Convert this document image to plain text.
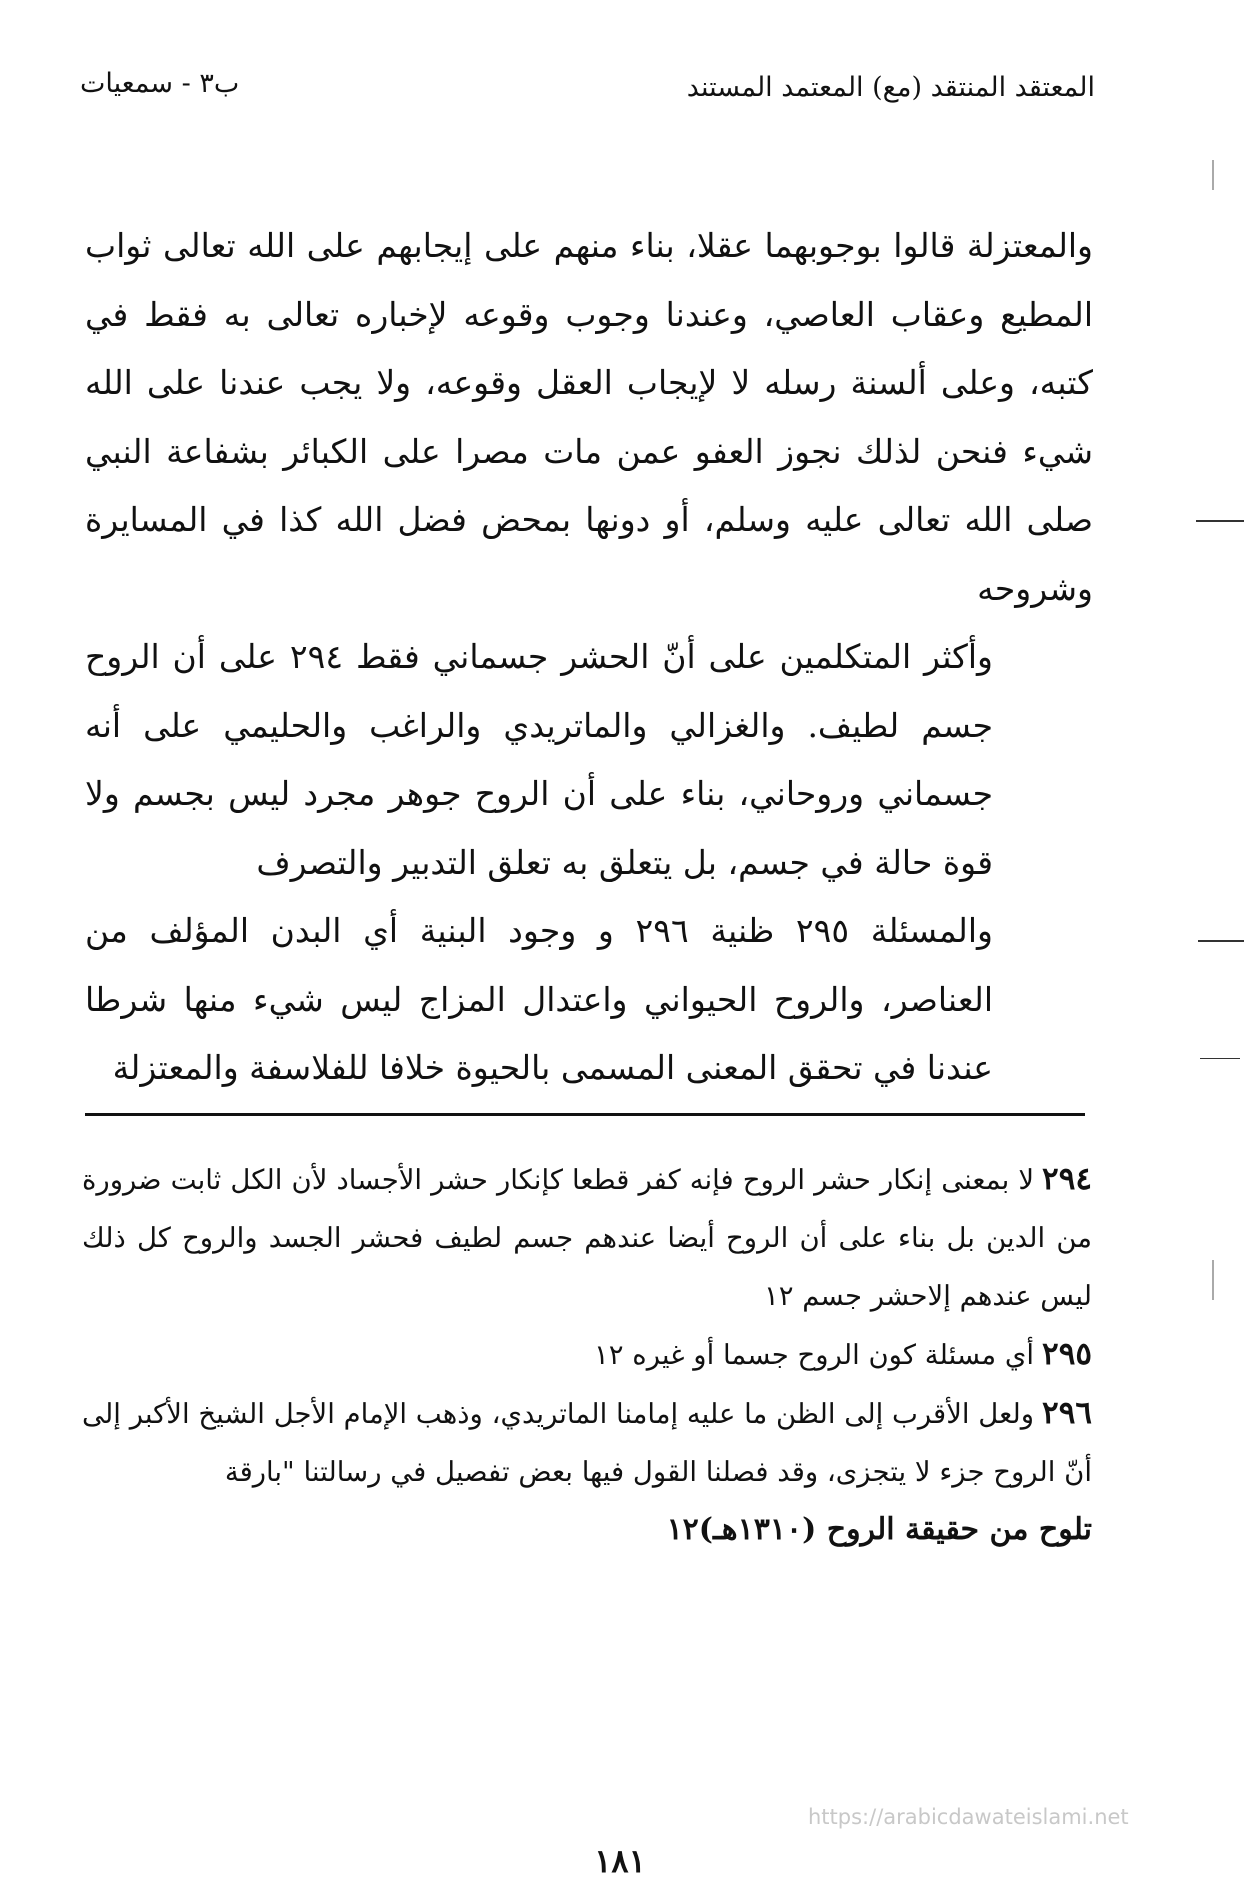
المعتقد المنتقد (مع) المعتمد المستند
ب٣ - سمعيات

والمعتزلة قالوا بوجوبهما عقلا، بناء منهم على إيجابهم على الله تعالى ثواب المطيع وعقاب العاصي، وعندنا وجوب وقوعه لإخباره تعالى به فقط في كتبه، وعلى ألسنة رسله لا لإيجاب العقل وقوعه، ولا يجب عندنا على الله شيء فنحن لذلك نجوز العفو عمن مات مصرا على الكبائر بشفاعة النبي صلى الله تعالى عليه وسلم، أو دونها بمحض فضل الله كذا في المسايرة وشروحه

وأكثر المتكلمين على أنّ الحشر جسماني فقط ٢٩٤ على أن الروح جسم لطيف. والغزالي والماتريدي والراغب والحليمي على أنه جسماني وروحاني، بناء على أن الروح جوهر مجرد ليس بجسم ولا قوة حالة في جسم، بل يتعلق به تعلق التدبير والتصرف

والمسئلة ٢٩٥ ظنية ٢٩٦ و وجود البنية أي البدن المؤلف من العناصر، والروح الحيواني واعتدال المزاج ليس شيء منها شرطا عندنا في تحقق المعنى المسمى بالحيوة خلافا للفلاسفة والمعتزلة

٢٩٤لا بمعنى إنكار حشر الروح فإنه كفر قطعا كإنكار حشر الأجساد لأن الكل ثابت ضرورة من الدين بل بناء على أن الروح أيضا عندهم جسم لطيف فحشر الجسد والروح كل ذلك ليس عندهم إلاحشر جسم ١٢

٢٩٥أي مسئلة كون الروح جسما أو غيره ١٢

٢٩٦ولعل الأقرب إلى الظن ما عليه إمامنا الماتريدي، وذهب الإمام الأجل الشيخ الأكبر إلى أنّ الروح جزء لا يتجزى، وقد فصلنا القول فيها بعض تفصيل في رسالتنا "بارقة

تلوح من حقيقة الروح (١٣١٠هـ)١٢

١٨١
https://arabicdawateislami.net
